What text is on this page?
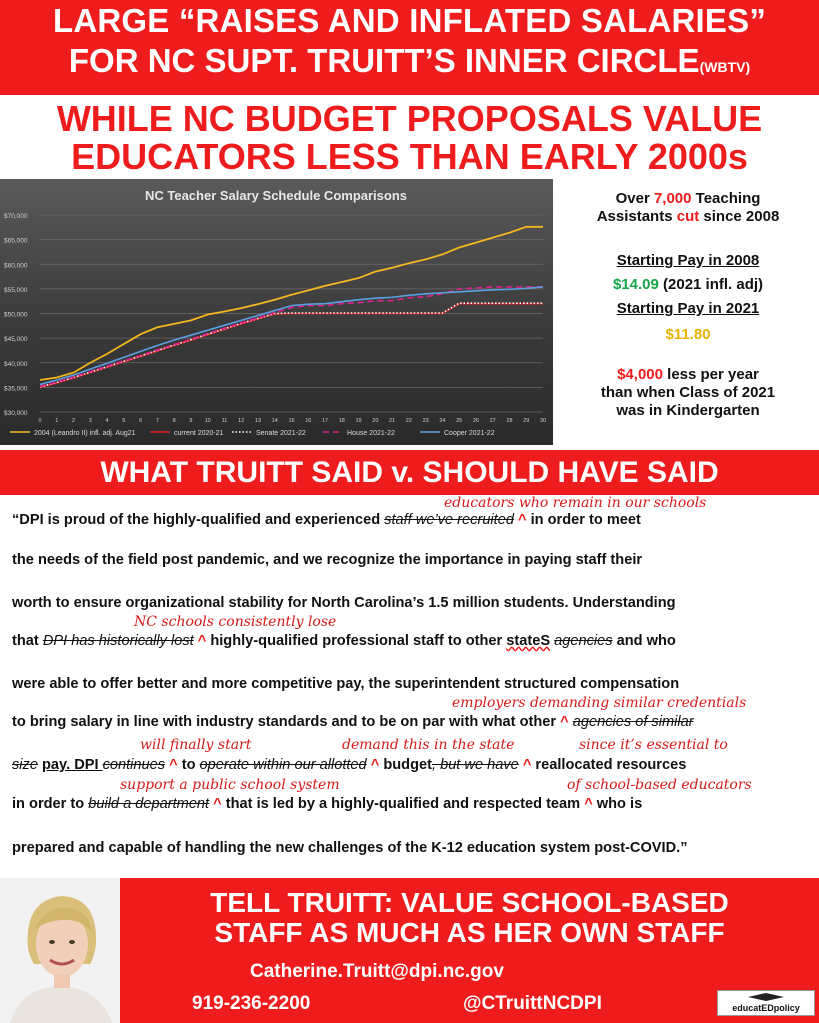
LARGE “RAISES AND INFLATED SALARIES”
FOR NC SUPT. TRUITT’S INNER CIRCLE(WBTV)
WHILE NC BUDGET PROPOSALS VALUE
EDUCATORS LESS THAN EARLY 2000s
NC Teacher Salary Schedule Comparisons
$30,000
$35,000
$40,000
$45,000
$50,000
$55,000
$60,000
$65,000
$70,000
0 1 2 3 4 5 6 7 8 9 10 11 12 13 14 15 16 17 18 19 20 21 22 23 24 25 26 27 28 29 30
2004 (Leandro II) infl. adj. Aug21	current 2020-21	Senate 2021-22	House 2021-22	Cooper 2021-22
Over 7,000 Teaching
Assistants cut since 2008
Starting Pay in 2008
$14.09 (2021 infl. adj)
Starting Pay in 2021
$11.80
$4,000 less per year
than when Class of 2021
was in Kindergarten
WHAT TRUITT SAID v. SHOULD HAVE SAID
educators who remain in our schools
“DPI is proud of the highly-qualified and experienced staff we’ve recruited ^ in order to meet
the needs of the field post pandemic, and we recognize the importance in paying staff their
worth to ensure organizational stability for North Carolina’s 1.5 million students. Understanding
NC schools consistently lose
that DPI has historically lost ^ highly-qualified professional staff to other stateS agencies and who
were able to offer better and more competitive pay, the superintendent structured compensation
employers demanding similar credentials
to bring salary in line with industry standards and to be on par with what other ^ agencies of similar
will finally start	demand this in the state	since it’s essential to
size pay. DPI continues ^ to operate within our allotted ^ budget, but we have ^ reallocated resources
support a public school system	of school-based educators
in order to build a department ^ that is led by a highly-qualified and respected team ^ who is
prepared and capable of handling the new challenges of the K-12 education system post-COVID.”
TELL TRUITT: VALUE SCHOOL-BASED
STAFF AS MUCH AS HER OWN STAFF
Catherine.Truitt@dpi.nc.gov
919-236-2200	@CTruittNCDPI	educatEDpolicy
